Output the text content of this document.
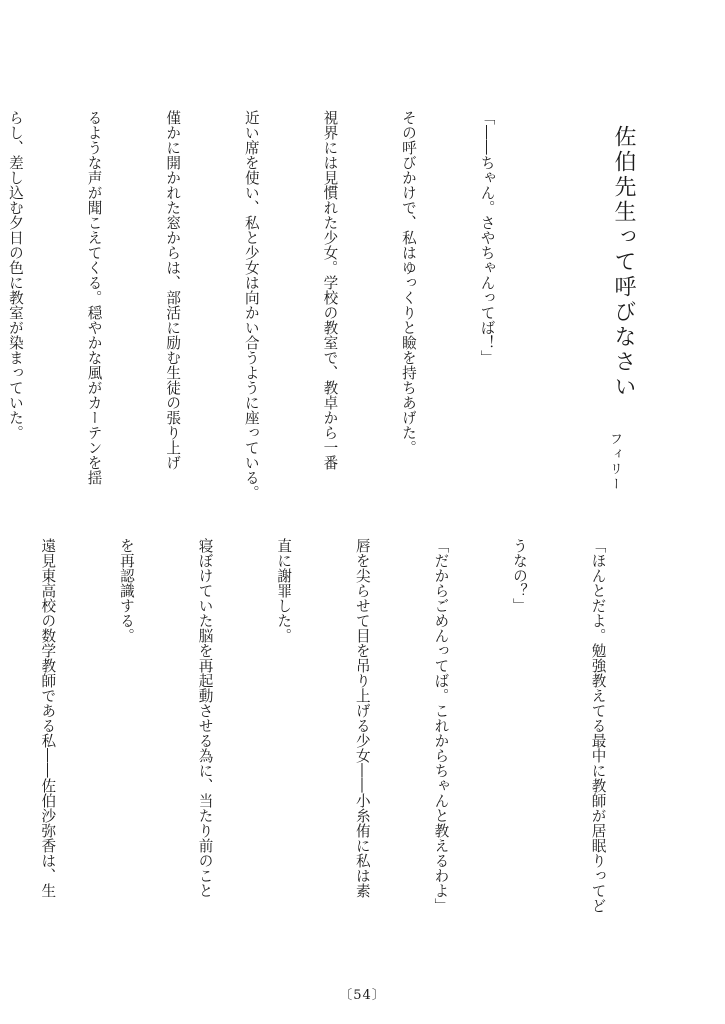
佐伯先生って呼びなさい
フィリー

「――ちゃん。さやちゃんってば！」

その呼びかけで、私はゆっくりと瞼を持ちあげた。

視界には見慣れた少女。学校の教室で、教卓から一番

近い席を使い、私と少女は向かい合うように座っている。

僅かに開かれた窓からは、部活に励む生徒の張り上げ

るような声が聞こえてくる。穏やかな風がカーテンを揺

らし、差し込む夕日の色に教室が染まっていた。

「ほんとだよ。勉強教えてる最中に教師が居眠りってど

うなの？」

「だからごめんってば。これからちゃんと教えるわよ」

唇を尖らせて目を吊り上げる少女――小糸侑に私は素

直に謝罪した。

寝ぼけていた脳を再起動させる為に、当たり前のこと

を再認識する。

遠見東高校の数学教師である私――佐伯沙弥香は、生

〔54〕
